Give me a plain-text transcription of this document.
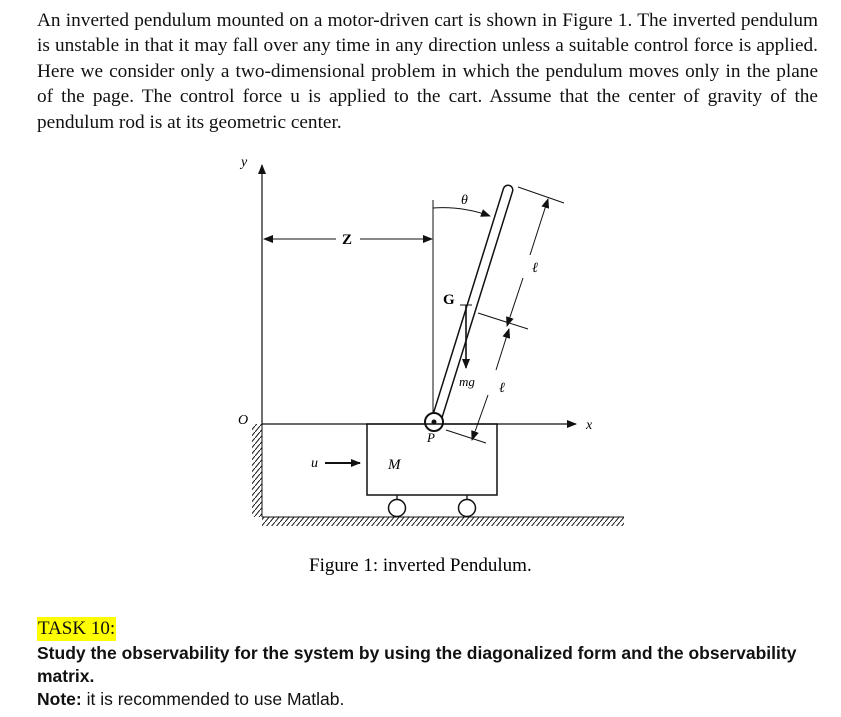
An inverted pendulum mounted on a motor-driven cart is shown in Figure 1. The inverted pendulum is unstable in that it may fall over any time in any direction unless a suitable control force is applied. Here we consider only a two-dimensional problem in which the pendulum moves only in the plane of the page. The control force u is applied to the cart. Assume that the center of gravity of the pendulum rod is at its geometric center.

y
x
O
Z
θ
P
G
mg
ℓ
ℓ
M
u
Figure 1: inverted Pendulum.

TASK 10:

Study the observability for the system by using the diagonalized form and the observability matrix.

Note: it is recommended to use Matlab.
